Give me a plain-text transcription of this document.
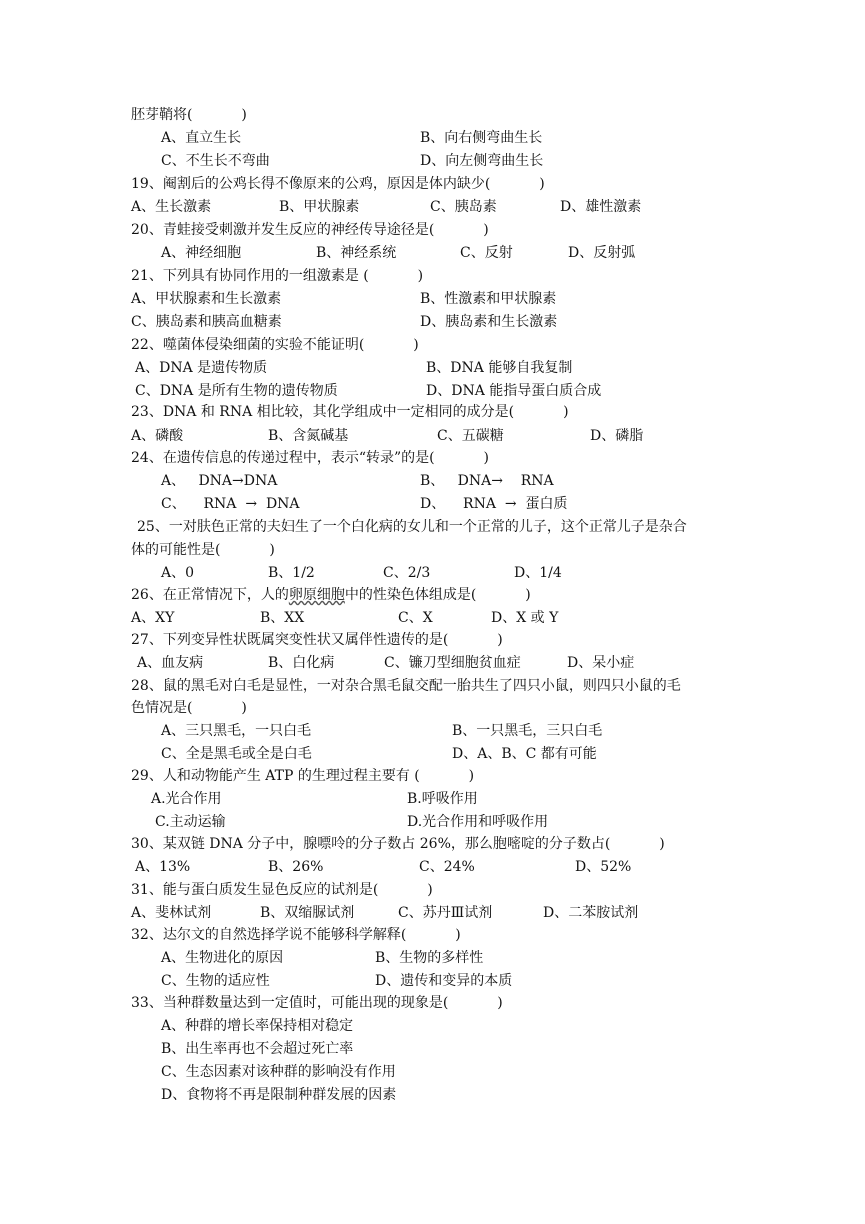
胚芽鞘将(           )
A、直立生长	B、向右侧弯曲生长
C、不生长不弯曲	D、向左侧弯曲生长
19、阉割后的公鸡长得不像原来的公鸡，原因是体内缺少(           )
A、生长激素	B、甲状腺素	C、胰岛素	D、雄性激素
20、青蛙接受刺激并发生反应的神经传导途径是(           )
A、神经细胞	B、神经系统	C、反射	D、反射弧
21、下列具有协同作用的一组激素是 (           )
A、甲状腺素和生长激素	B、性激素和甲状腺素
C、胰岛素和胰高血糖素	D、胰岛素和生长激素
22、噬菌体侵染细菌的实验不能证明(           )
A、DNA 是遗传物质	B、DNA 能够自我复制
C、DNA 是所有生物的遗传物质	D、DNA 能指导蛋白质合成
23、DNA 和 RNA 相比较，其化学组成中一定相同的成分是(           )
A、磷酸	B、含氮碱基	C、五碳糖	D、磷脂
24、在遗传信息的传递过程中，表示“转录”的是(           )
A、   DNA→DNA	B、   DNA→    RNA
C、    RNA  →  DNA	D、    RNA  →  蛋白质
25、一对肤色正常的夫妇生了一个白化病的女儿和一个正常的儿子，这个正常儿子是杂合
体的可能性是(           )
A、0	B、1/2	C、2/3	D、1/4
26、在正常情况下，人的卵原细胞中的性染色体组成是(           )
A、XY	B、XX	C、X	D、X 或 Y
27、下列变异性状既属突变性状又属伴性遗传的是(           )
A、血友病	B、白化病	C、镰刀型细胞贫血症	D、呆小症
28、鼠的黑毛对白毛是显性，一对杂合黑毛鼠交配一胎共生了四只小鼠，则四只小鼠的毛
色情况是(           )
A、三只黑毛，一只白毛	B、一只黑毛，三只白毛
C、全是黑毛或全是白毛	D、A、B、C 都有可能
29、人和动物能产生 ATP 的生理过程主要有 (           )
A.光合作用	B.呼吸作用
C.主动运输	D.光合作用和呼吸作用
30、某双链 DNA 分子中，腺嘌呤的分子数占 26%，那么胞嘧啶的分子数占(           )
A、13%	B、26%	C、24%	D、52%
31、能与蛋白质发生显色反应的试剂是(           )
A、斐林试剂	B、双缩脲试剂	C、苏丹Ⅲ试剂	D、二苯胺试剂
32、达尔文的自然选择学说不能够科学解释(           )
A、生物进化的原因	B、生物的多样性
C、生物的适应性	D、遗传和变异的本质
33、当种群数量达到一定值时，可能出现的现象是(           )
A、种群的增长率保持相对稳定
B、出生率再也不会超过死亡率
C、生态因素对该种群的影响没有作用
D、食物将不再是限制种群发展的因素
